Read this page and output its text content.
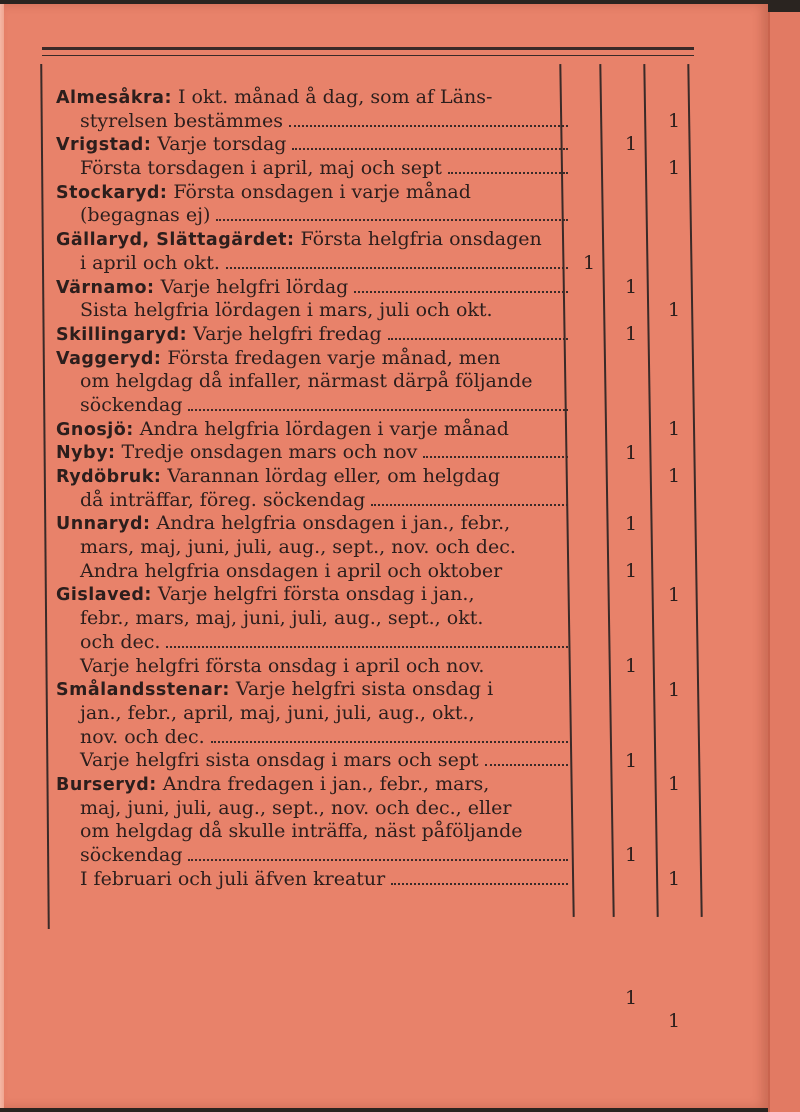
Almesåkra: I okt. månad å dag, som af Läns-
styrelsen bestämmes
Vrigstad: Varje torsdag
Första torsdagen i april, maj och sept
Stockaryd: Första onsdagen i varje månad
(begagnas ej)
Gällaryd, Slättagärdet: Första helgfria onsdagen
i april och okt.
Värnamo: Varje helgfri lördag
Sista helgfria lördagen i mars, juli och okt.
Skillingaryd: Varje helgfri fredag
Vaggeryd: Första fredagen varje månad, men
om helgdag då infaller, närmast därpå följande
söckendag
Gnosjö: Andra helgfria lördagen i varje månad
Nyby: Tredje onsdagen mars och nov
Rydöbruk: Varannan lördag eller, om helgdag
då inträffar, föreg. söckendag
Unnaryd: Andra helgfria onsdagen i jan., febr.,
mars, maj, juni, juli, aug., sept., nov. och dec.
Andra helgfria onsdagen i april och oktober
Gislaved: Varje helgfri första onsdag i jan.,
febr., mars, maj, juni, juli, aug., sept., okt.
och dec.
Varje helgfri första onsdag i april och nov.
Smålandsstenar: Varje helgfri sista onsdag i
jan., febr., april, maj, juni, juli, aug., okt.,
nov. och dec.
Varje helgfri sista onsdag i mars och sept
Burseryd: Andra fredagen i jan., febr., mars,
maj, juni, juli, aug., sept., nov. och dec., eller
om helgdag då skulle inträffa, näst påföljande
söckendag
I februari och juli äfven kreatur
1
1
1
1
1
1
1
1
1
1
1
1
1
1
1
1
1
1
1
1
1
